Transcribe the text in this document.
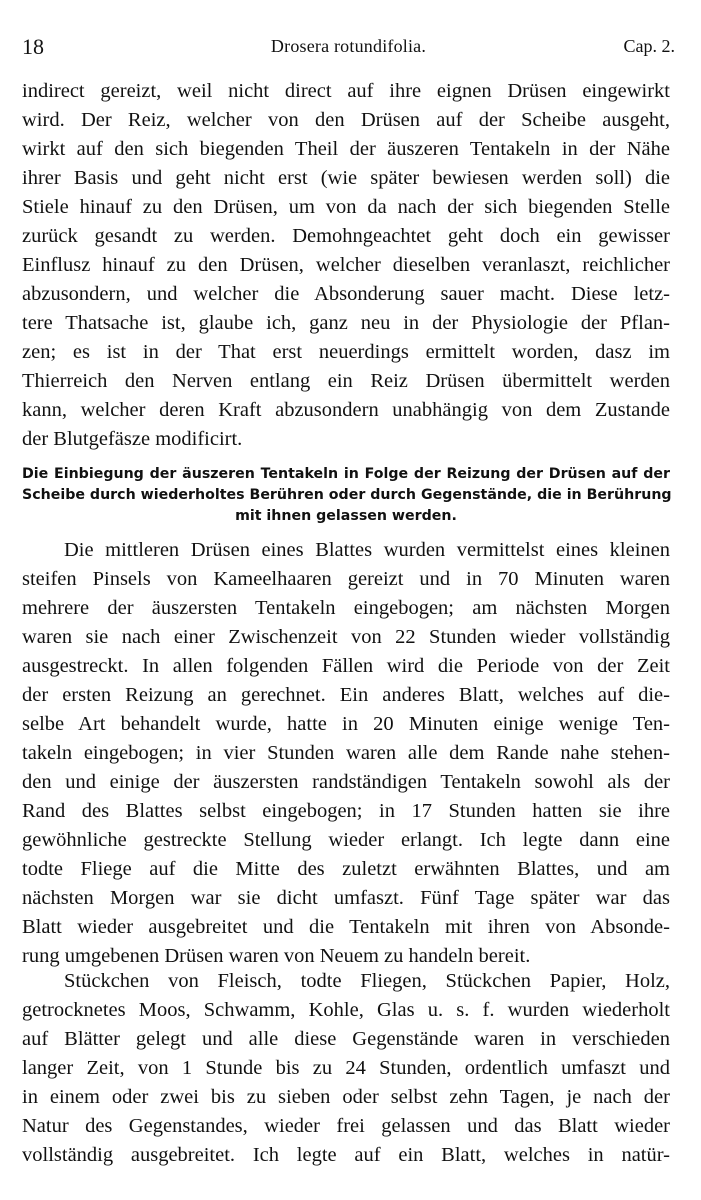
18	Drosera rotundifolia.	Cap. 2.
indirect gereizt, weil nicht direct auf ihre eignen Drüsen eingewirkt
wird. Der Reiz, welcher von den Drüsen auf der Scheibe ausgeht,
wirkt auf den sich biegenden Theil der äuszeren Tentakeln in der Nähe
ihrer Basis und geht nicht erst (wie später bewiesen werden soll) die
Stiele hinauf zu den Drüsen, um von da nach der sich biegenden Stelle
zurück gesandt zu werden. Demohngeachtet geht doch ein gewisser
Einflusz hinauf zu den Drüsen, welcher dieselben veranlaszt, reichlicher
abzusondern, und welcher die Absonderung sauer macht. Diese letz-
tere Thatsache ist, glaube ich, ganz neu in der Physiologie der Pflan-
zen; es ist in der That erst neuerdings ermittelt worden, dasz im
Thierreich den Nerven entlang ein Reiz Drüsen übermittelt werden
kann, welcher deren Kraft abzusondern unabhängig von dem Zustande
der Blutgefäsze modificirt.
Die Einbiegung der äuszeren Tentakeln in Folge der Reizung der Drüsen auf der
Scheibe durch wiederholtes Berühren oder durch Gegenstände, die in Berührung
mit ihnen gelassen werden.
Die mittleren Drüsen eines Blattes wurden vermittelst eines kleinen
steifen Pinsels von Kameelhaaren gereizt und in 70 Minuten waren
mehrere der äuszersten Tentakeln eingebogen; am nächsten Morgen
waren sie nach einer Zwischenzeit von 22 Stunden wieder vollständig
ausgestreckt. In allen folgenden Fällen wird die Periode von der Zeit
der ersten Reizung an gerechnet. Ein anderes Blatt, welches auf die-
selbe Art behandelt wurde, hatte in 20 Minuten einige wenige Ten-
takeln eingebogen; in vier Stunden waren alle dem Rande nahe stehen-
den und einige der äuszersten randständigen Tentakeln sowohl als der
Rand des Blattes selbst eingebogen; in 17 Stunden hatten sie ihre
gewöhnliche gestreckte Stellung wieder erlangt. Ich legte dann eine
todte Fliege auf die Mitte des zuletzt erwähnten Blattes, und am
nächsten Morgen war sie dicht umfaszt. Fünf Tage später war das
Blatt wieder ausgebreitet und die Tentakeln mit ihren von Absonde-
rung umgebenen Drüsen waren von Neuem zu handeln bereit.
Stückchen von Fleisch, todte Fliegen, Stückchen Papier, Holz,
getrocknetes Moos, Schwamm, Kohle, Glas u. s. f. wurden wiederholt
auf Blätter gelegt und alle diese Gegenstände waren in verschieden
langer Zeit, von 1 Stunde bis zu 24 Stunden, ordentlich umfaszt und
in einem oder zwei bis zu sieben oder selbst zehn Tagen, je nach der
Natur des Gegenstandes, wieder frei gelassen und das Blatt wieder
vollständig ausgebreitet. Ich legte auf ein Blatt, welches in natür-
